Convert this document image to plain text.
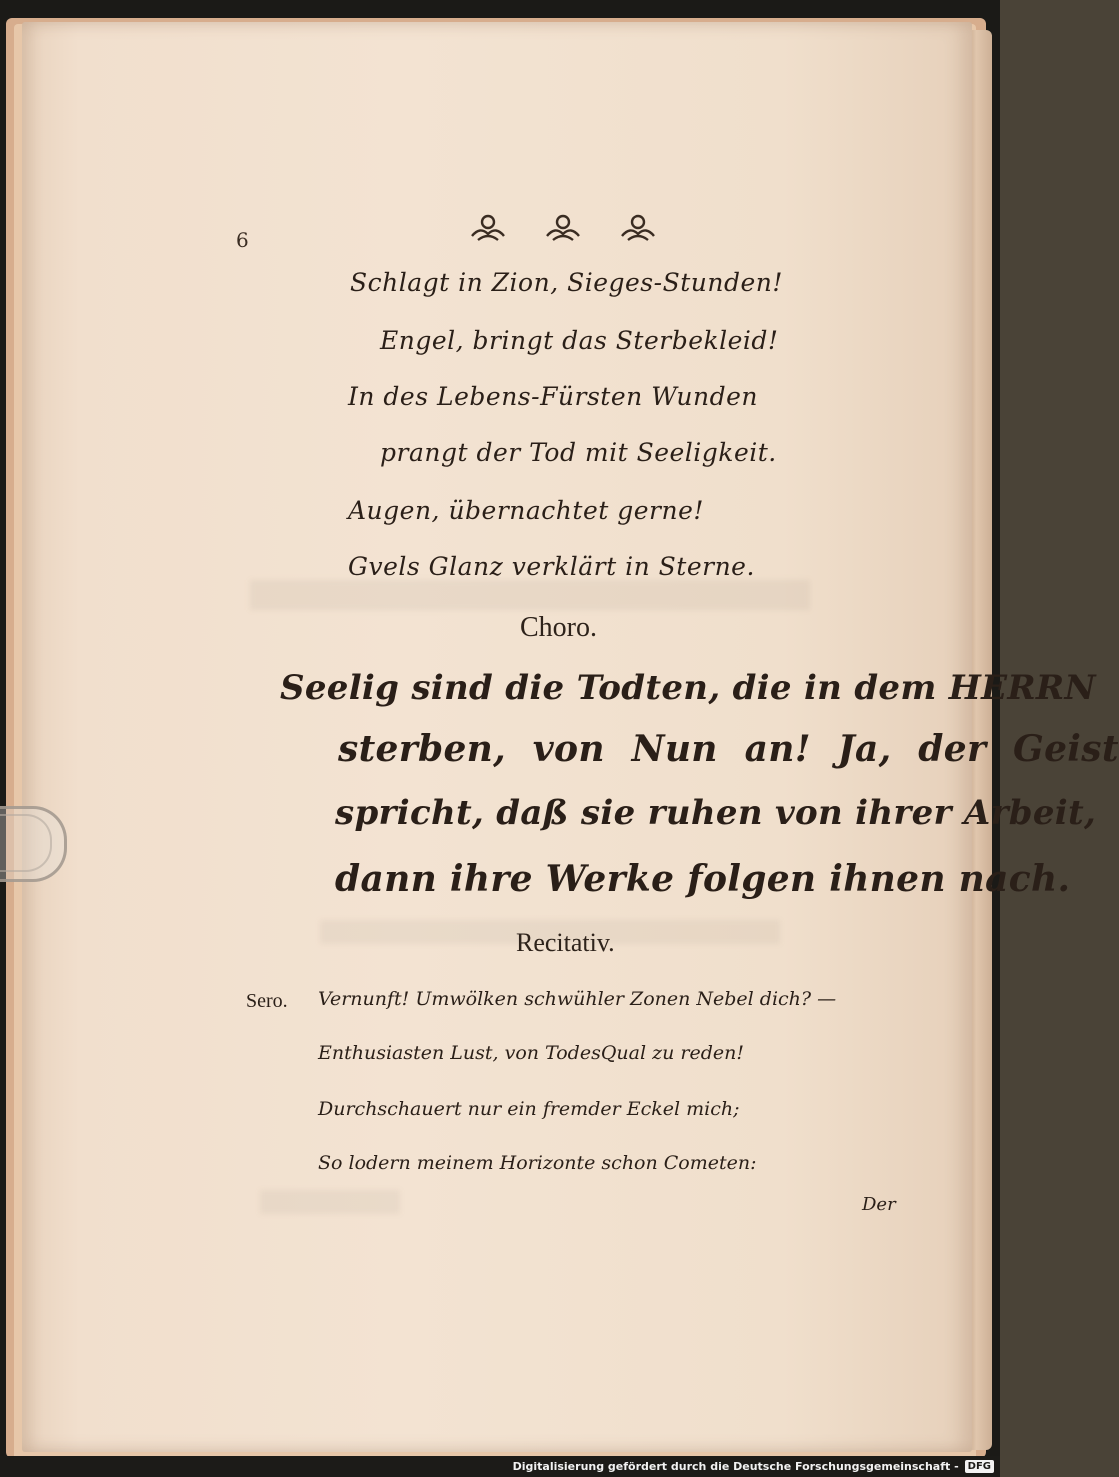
6
Schlagt in Zion, Sieges-Stunden!
Engel, bringt das Sterbekleid!
In des Lebens-Fürsten Wunden
prangt der Tod mit Seeligkeit.
Augen, übernachtet gerne!
Gvels Glanz verklärt in Sterne.
Choro.
Seelig sind die Todten, die in dem HERRN
sterben, von Nun an! Ja, der Geist
spricht, daß sie ruhen von ihrer Arbeit,
dann ihre Werke folgen ihnen nach.
Recitativ.
Sero. Vernunft! Umwölken schwühler Zonen Nebel dich? —
Enthusiasten Lust, von TodesQual zu reden!
Durchschauert nur ein fremder Eckel mich;
So lodern meinem Horizonte schon Cometen:
Der
Digitalisierung gefördert durch die Deutsche Forschungsgemeinschaft - DFG
